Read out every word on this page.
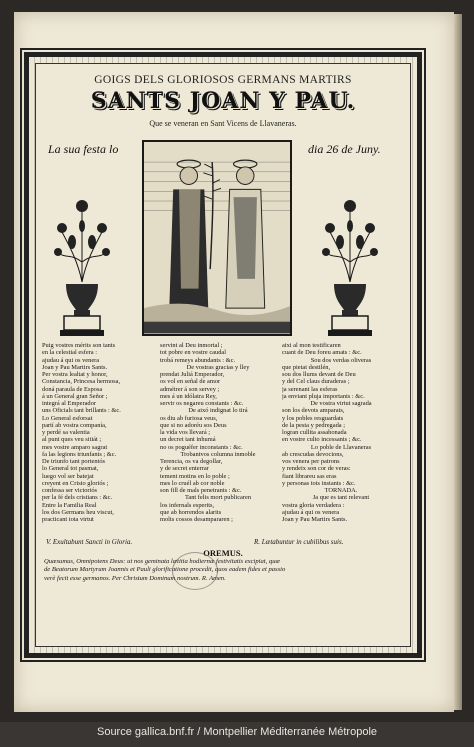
GOIGS DELS GLORIOSOS GERMANS MARTIRS
SANTS JOAN Y PAU.
Que se veneran en Sant Vicens de Llavaneras.
La sua festa lo	dia 26 de Juny.
Puig vostres mérits son tants
en la celestial esfera :
ajudau á qui os venera
Joan y Pau Martirs Sants.
Per vostra lealtat y honor,
Constancia, Princesa hermosa,
doná paraula de Esposa
á un General gran Señor ;
integrá al Emperador
uns Oficials tant brillants : &c.
Lo General esforsat
partí ab vostra companía,
y perdé sa valentia
al punt ques veu sitiát ;
mes vostre amparo sagrat
fa las legions triunfants ; &c.
De triunfo tant portentós
lo General tot pasmat,
luego vol ser batejat
creyent en Cristo gloriós ;
confessa ser victoriós
per la fé dels cristians : &c.
Entre la Familia Real
los dos Germans heu viscut,
practicant tota virtut
servint al Deu inmortal ;
tot pobre en vostre caudal
trobá remeys abundants : &c.
De vostras gracias y lley
prendat Juliá Emperador,
os vol en señal de amor
admétrer á son servey ;
mes á un idólatra Rey,
servir os negareu constants : &c.
De aixó indignat lo tirá
os diu ab furiosa veus,
que si no adoréu sos Deus
la vida vos llevará ;
un decret tant inhumá
no os poguéfer inconstants : &c.
Trobantvos columna inmoble
Terencia, os va degollar,
y de secret enterrar
tement motins en lo poble ;
mes lo cruél ab cor noble
son fill de mals penetrants : &c.
Tant felis mort publicaren
los infernals esperits,
que ab horrendos alarits
molts cossos desampararen ;
aixi al mon testificaren
cuant de Deu foreu amats : &c.
Sou dos verdas oliveras
que pietat destilén,
sou dos llums devant de Deu
y del Cel claus duraderas ;
ja serenant las esferas
ja enviant pluja importants : &c.
De vostra virtut sagrada
son los devots amparats,
y los pobles resguardats
de la pesta y pedregada ;
logran cullita assahonada
en vostre culto incessants ; &c.
Lo poble de Llavaneras
ab crescudas devocions,
vos venera per patrons
y rendeix son cor de veras:
fiant librareu sas eras
y personas tots instants : &c.
TORNADA.
Ja que es tant relevant
vostra gloria verdadera :
ajudau á qui os venera
Joan y Pau Martirs Sants.
V. Exultabunt Sancti in Gloria.	R. Lætabuntur in cubilibus suis.
OREMUS.
Quæsumus, Omnipotens Deus: ut nos geminata lætitia hodiernæ festivitatis excipiat, quæ
de Beatorum Martyrum Joannis et Pauli glorificatione procedit, quos eadem fides et passio
verè fecit esse germanos. Per Christum Dominum nostrum. R. Amen.
Source gallica.bnf.fr / Montpellier Méditerranée Métropole
